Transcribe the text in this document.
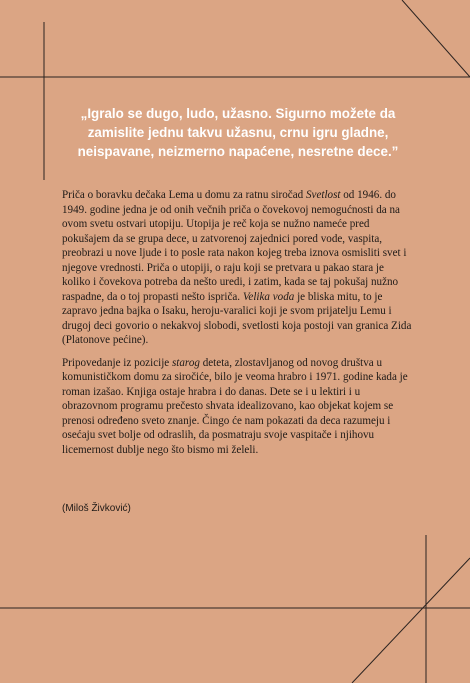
„Igralo se dugo, ludo, užasno. Sigurno možete da zamislite jednu takvu užasnu, crnu igru gladne, neispavane, neizmerno napaćene, nesretne dece.”

Priča o boravku dečaka Lema u domu za ratnu siročad Svetlost od 1946. do 1949. godine jedna je od onih večnih priča o čovekovoj nemogućnosti da na ovom svetu ostvari utopiju. Utopija je reč koja se nužno nameće pred pokušajem da se grupa dece, u zatvorenoj zajednici pored vode, vaspita, preobrazi u nove ljude i to posle rata nakon kojeg treba iznova osmisliti svet i njegove vrednosti. Priča o utopiji, o raju koji se pretvara u pakao stara je koliko i čovekova potreba da nešto uredi, i zatim, kada se taj pokušaj nužno raspadne, da o toj propasti nešto ispriča. Velika voda je bliska mitu, to je zapravo jedna bajka o Isaku, heroju-varalici koji je svom prijatelju Lemu i drugoj deci govorio o nekakvoj slobodi, svetlosti koja postoji van granica Zida (Platonove pećine).

Pripovedanje iz pozicije starog deteta, zlostavljanog od novog društva u komunističkom domu za siročiće, bilo je veoma hrabro i 1971. godine kada je roman izašao. Knjiga ostaje hrabra i do danas. Dete se i u lektiri i u obrazovnom programu prečesto shvata idealizovano, kao objekat kojem se prenosi određeno sveto znanje. Čingo će nam pokazati da deca razumeju i osećaju svet bolje od odraslih, da posmatraju svoje vaspitače i njihovu licemernost dublje nego što bismo mi želeli.

(Miloš Živković)
